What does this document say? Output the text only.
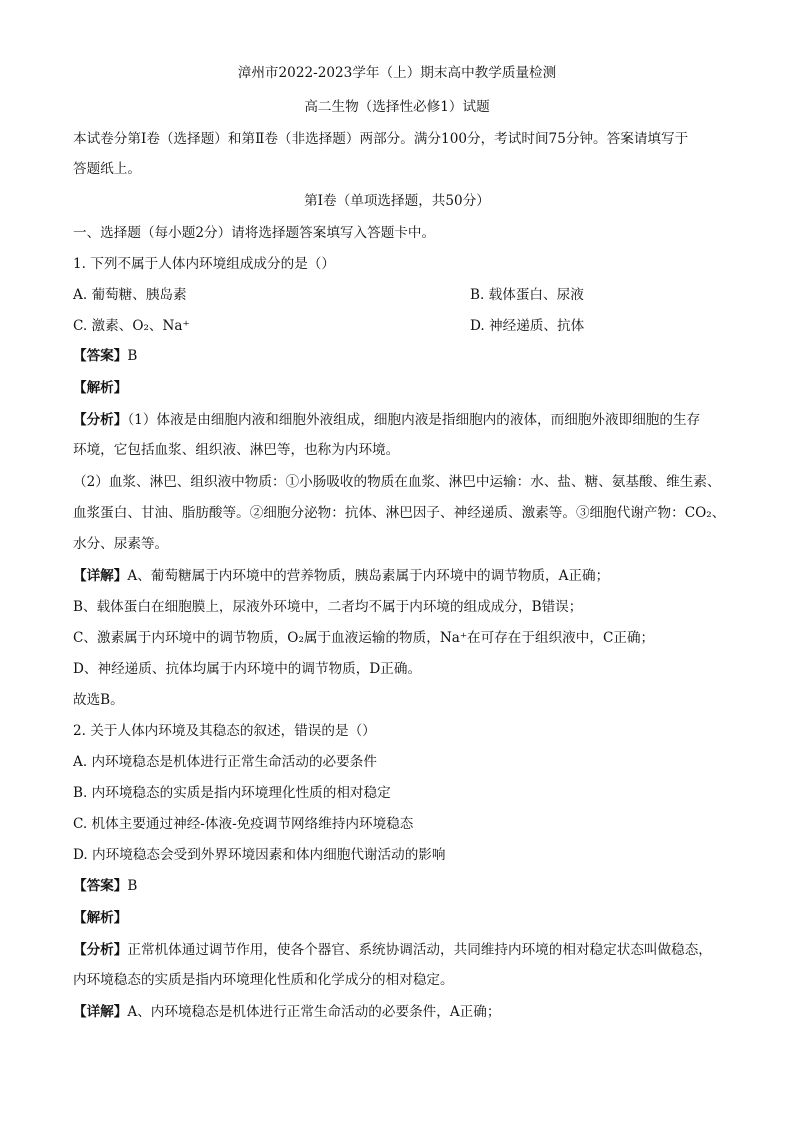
漳州市2022-2023学年（上）期末高中教学质量检测
高二生物（选择性必修1）试题
本试卷分第Ⅰ卷（选择题）和第Ⅱ卷（非选择题）两部分。满分100分，考试时间75分钟。答案请填写于
答题纸上。
第Ⅰ卷（单项选择题，共50分）
一、选择题（每小题2分）请将选择题答案填写入答题卡中。
1. 下列不属于人体内环境组成成分的是（）
A. 葡萄糖、胰岛素	B. 载体蛋白、尿液
C. 激素、O₂、Na⁺	D. 神经递质、抗体
【答案】B
【解析】
【分析】（1）体液是由细胞内液和细胞外液组成，细胞内液是指细胞内的液体，而细胞外液即细胞的生存
环境，它包括血浆、组织液、淋巴等，也称为内环境。
（2）血浆、淋巴、组织液中物质：①小肠吸收的物质在血浆、淋巴中运输：水、盐、糖、氨基酸、维生素、
血浆蛋白、甘油、脂肪酸等。②细胞分泌物：抗体、淋巴因子、神经递质、激素等。③细胞代谢产物：CO₂、
水分、尿素等。
【详解】A、葡萄糖属于内环境中的营养物质，胰岛素属于内环境中的调节物质，A正确；
B、载体蛋白在细胞膜上，尿液外环境中，二者均不属于内环境的组成成分，B错误；
C、激素属于内环境中的调节物质，O₂属于血液运输的物质，Na⁺在可存在于组织液中，C正确；
D、神经递质、抗体均属于内环境中的调节物质，D正确。
故选B。
2. 关于人体内环境及其稳态的叙述，错误的是（）
A. 内环境稳态是机体进行正常生命活动的必要条件
B. 内环境稳态的实质是指内环境理化性质的相对稳定
C. 机体主要通过神经-体液-免疫调节网络维持内环境稳态
D. 内环境稳态会受到外界环境因素和体内细胞代谢活动的影响
【答案】B
【解析】
【分析】正常机体通过调节作用，使各个器官、系统协调活动，共同维持内环境的相对稳定状态叫做稳态，
内环境稳态的实质是指内环境理化性质和化学成分的相对稳定。
【详解】A、内环境稳态是机体进行正常生命活动的必要条件，A正确；
